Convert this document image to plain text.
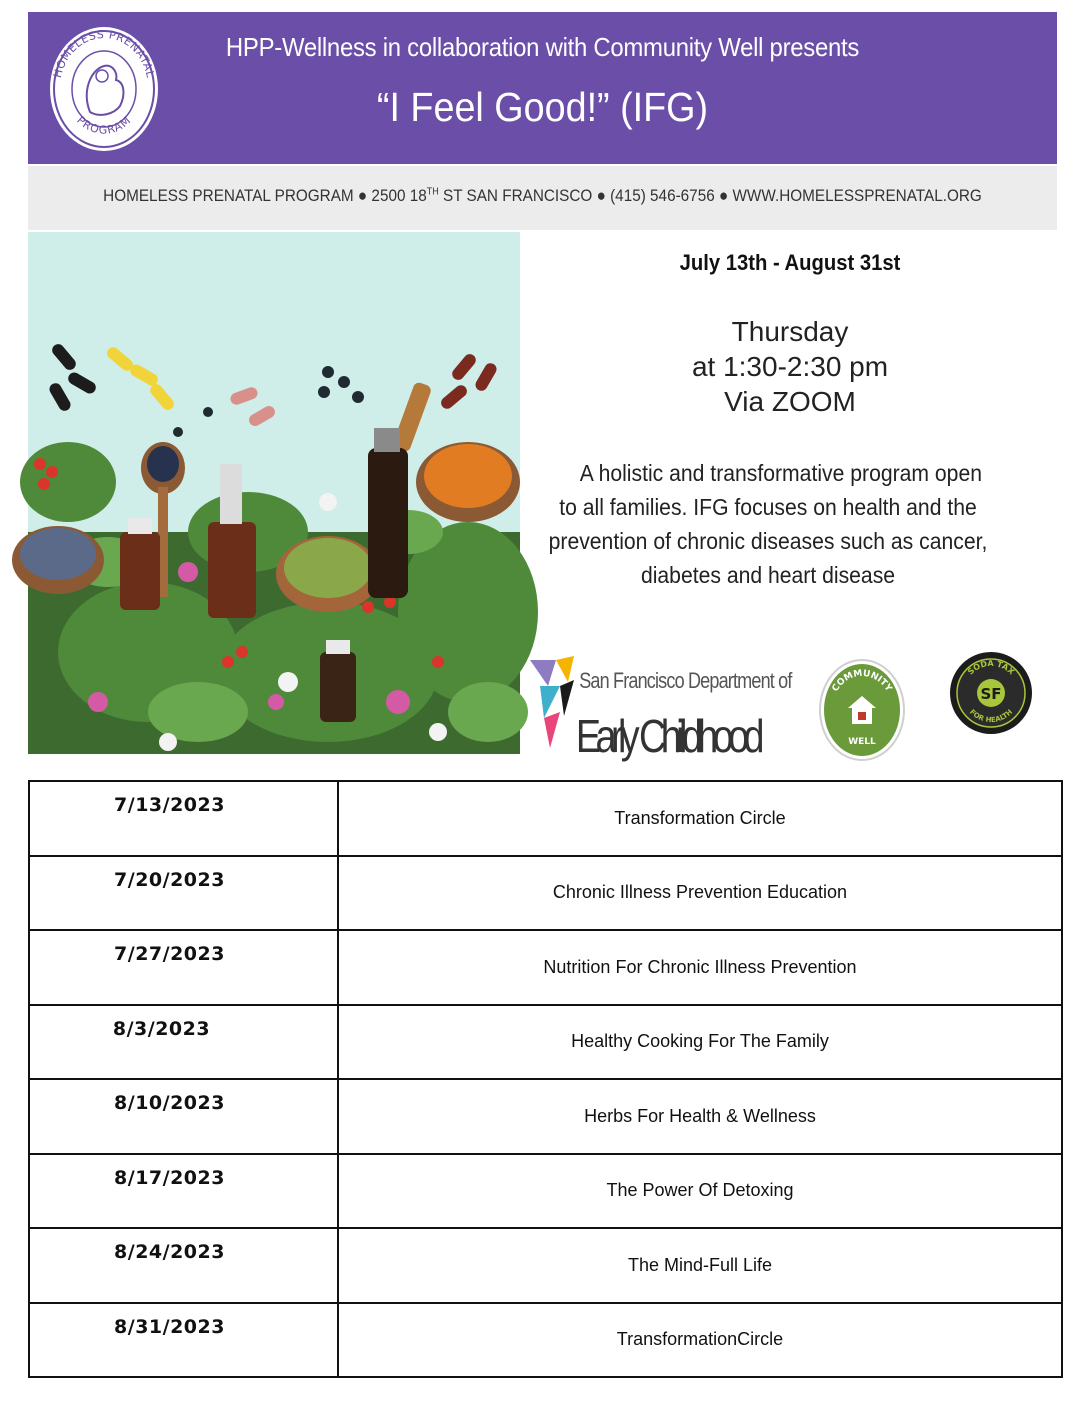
HOMELESS PRENATAL
PROGRAM
HPP-Wellness in collaboration with Community Well presents
“I Feel Good!” (IFG)
HOMELESS PRENATAL PROGRAM ● 2500 18TH ST SAN FRANCISCO ● (415) 546-6756 ● WWW.HOMELESSPRENATAL.ORG
July 13th - August 31st
Thursday
at 1:30-2:30 pm
Via ZOOM
A holistic and transformative program open to all families. IFG focuses on health and the prevention of chronic diseases such as cancer, diabetes and heart disease
San Francisco Department of
Early Childhood
COMMUNITY
WELL
SF
SODA TAX
FOR HEALTH
7/13/2023	Transformation Circle
7/20/2023	Chronic Illness Prevention Education
7/27/2023	Nutrition For Chronic Illness Prevention
8/3/2023	Healthy Cooking For The Family
8/10/2023	Herbs For Health & Wellness
8/17/2023	The Power Of Detoxing
8/24/2023	The Mind-Full Life
8/31/2023	TransformationCircle
